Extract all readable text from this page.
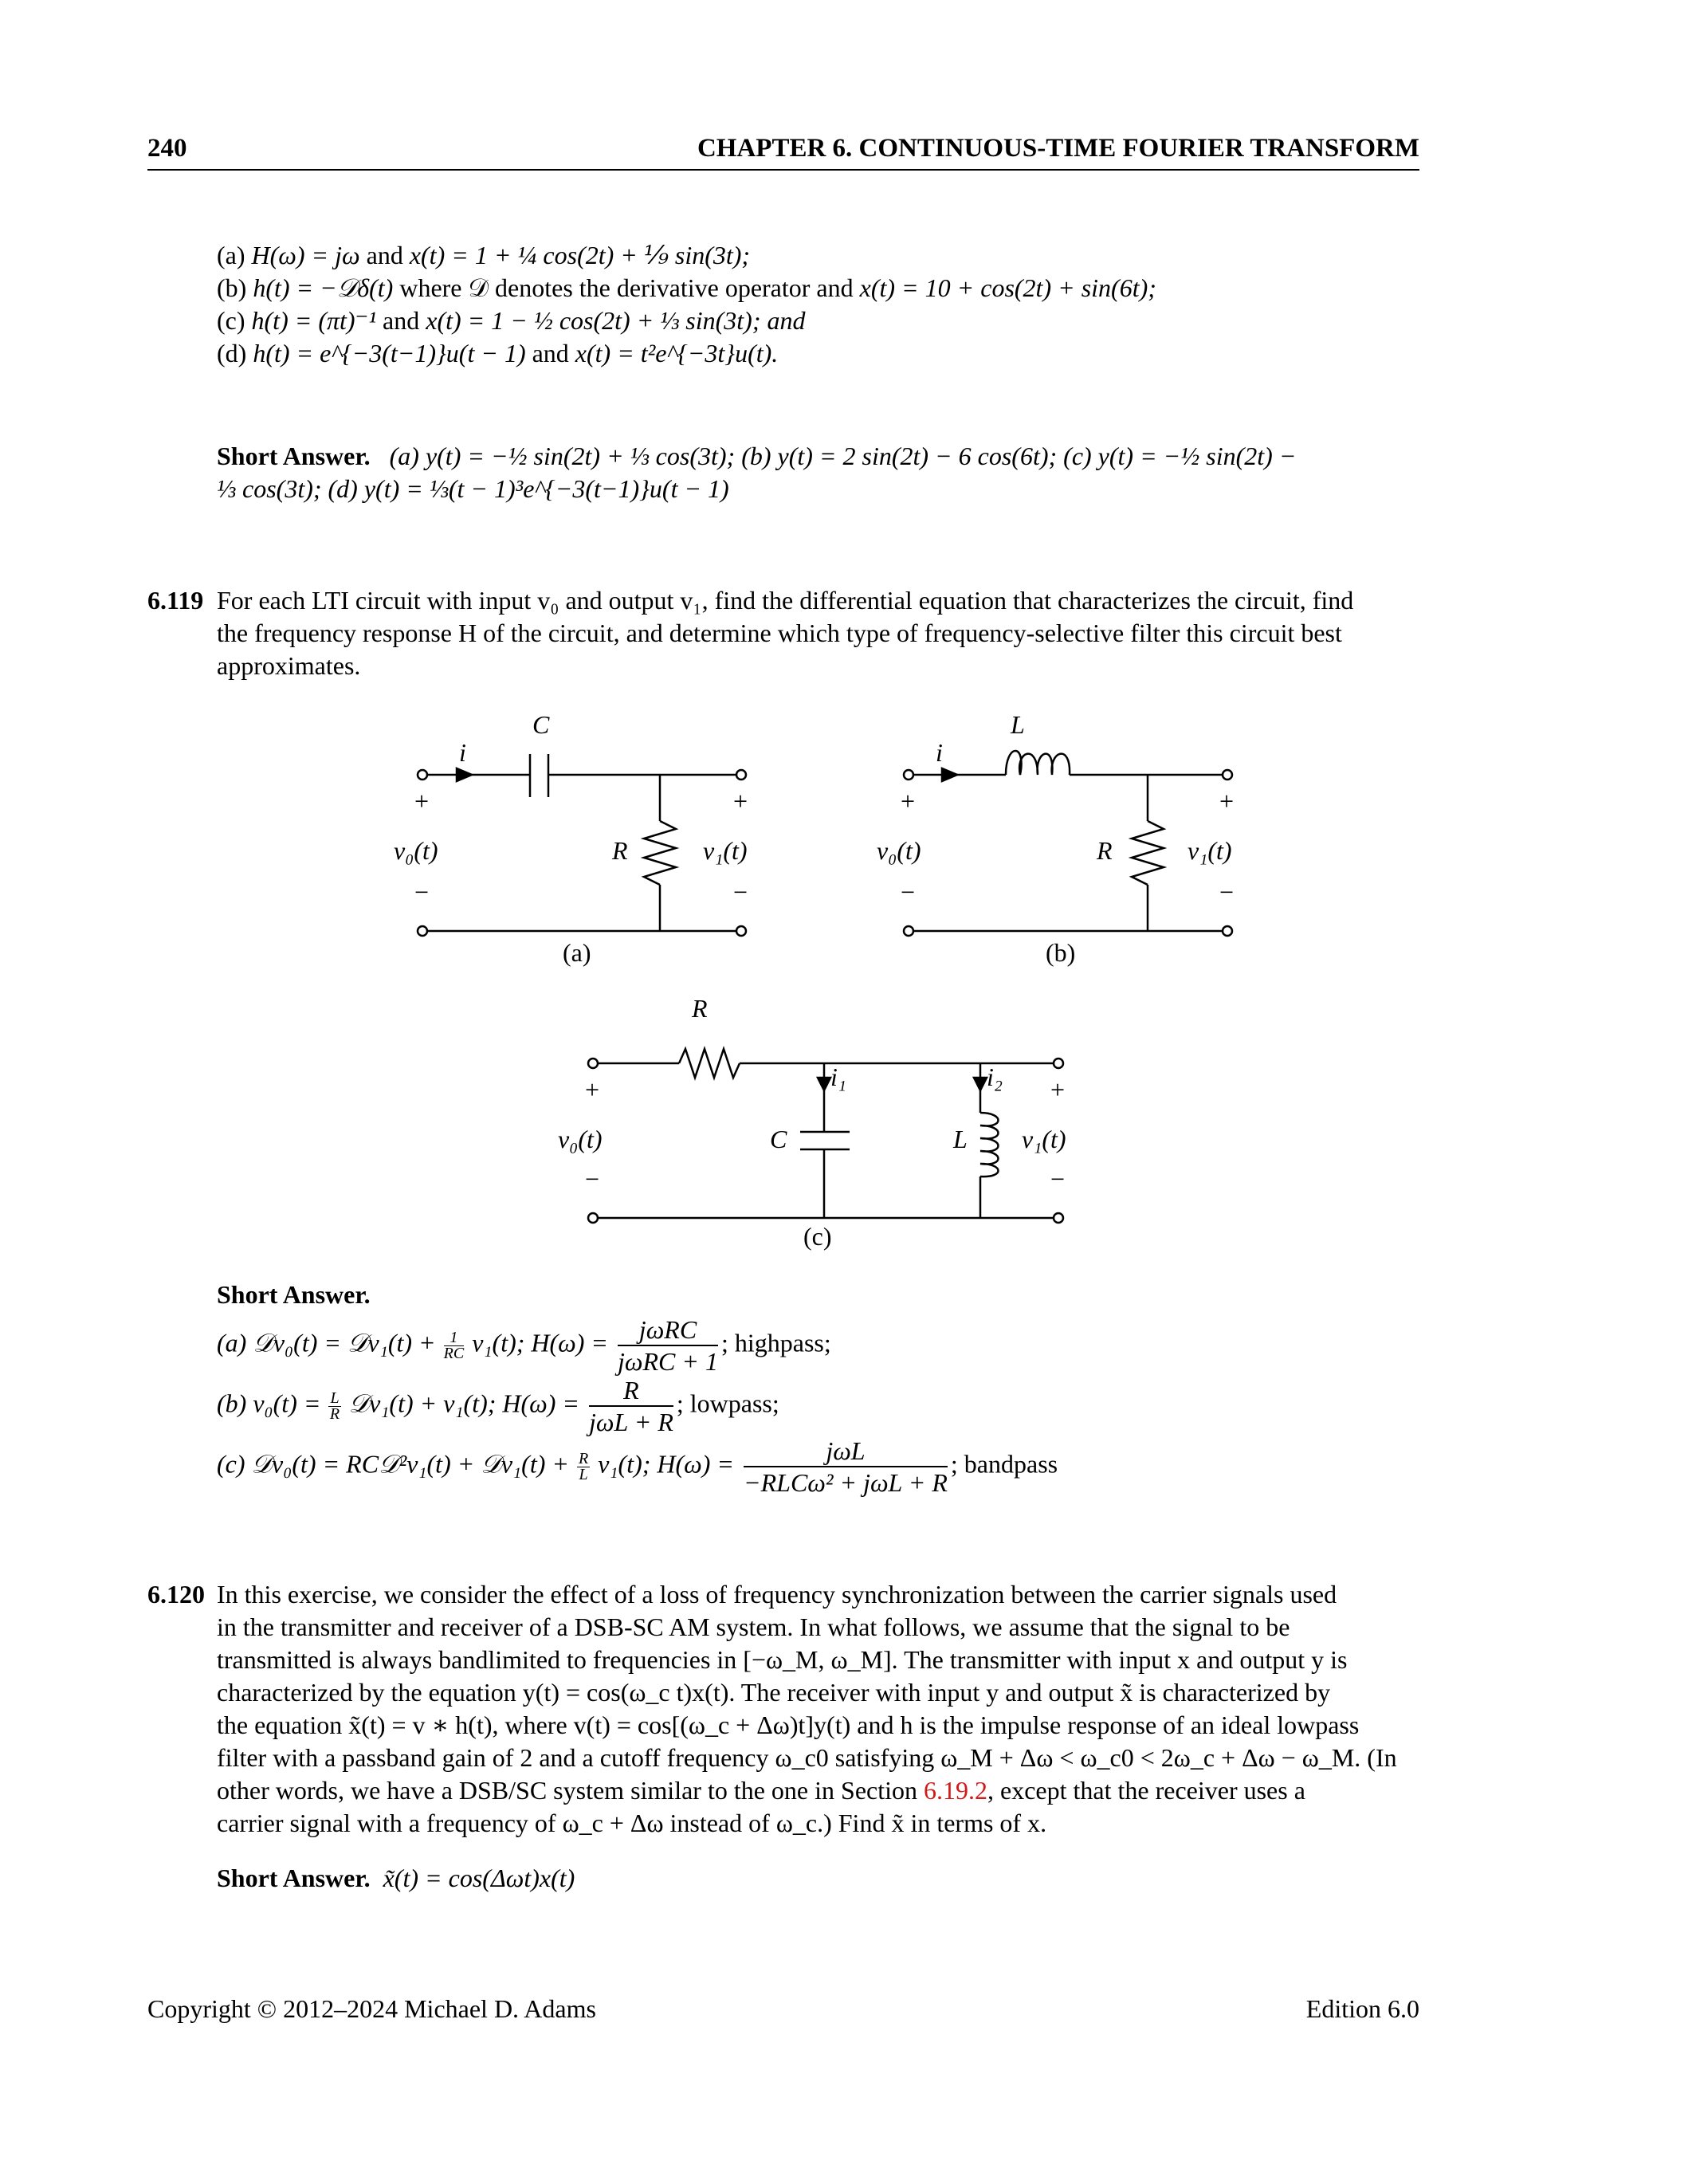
240	CHAPTER 6. CONTINUOUS-TIME FOURIER TRANSFORM
(a) H(ω) = jω and x(t) = 1 + ¼ cos(2t) + ⅑ sin(3t);
(b) h(t) = −𝒟δ(t) where 𝒟 denotes the derivative operator and x(t) = 10 + cos(2t) + sin(6t);
(c) h(t) = (πt)⁻¹ and x(t) = 1 − ½ cos(2t) + ⅓ sin(3t); and
(d) h(t) = e^{−3(t−1)}u(t − 1) and x(t) = t²e^{−3t}u(t).
Short Answer. (a) y(t) = −½ sin(2t) + ⅓ cos(3t); (b) y(t) = 2 sin(2t) − 6 cos(6t); (c) y(t) = −½ sin(2t) −
⅓ cos(3t); (d) y(t) = ⅓(t − 1)³e^{−3(t−1)}u(t − 1)
6.119 For each LTI circuit with input v₀ and output v₁, find the differential equation that characterizes the circuit, find
the frequency response H of the circuit, and determine which type of frequency-selective filter this circuit best
approximates.
C
i
+	+
v₀(t)	R	v₁(t)
−	−
(a)
L
i
+	+
v₀(t)	R	v₁(t)
−	−
(b)
R
i₁	i₂
+	+
v₀(t)	C	L v₁(t)
−	−
(c)
Short Answer.
(a) 𝒟v₀(t) = 𝒟v₁(t) + $\frac{1}{RC} v_1(t)$; H(ω) =	jωRC
jωRC + 1
; highpass;
(b) $v_0(t) = \frac{L}{R}$ 𝒟v₁(t) + v₁(t); H(ω) =	R
jωL + R
; lowpass;
(c) 𝒟v₀(t) = RC𝒟²v₁(t) + 𝒟v₁(t) + $\frac{R}{L} v_1(t)$; H(ω) =	jωL
−RLCω² + jωL + R
; bandpass
6.120 In this exercise, we consider the effect of a loss of frequency synchronization between the carrier signals used
in the transmitter and receiver of a DSB-SC AM system. In what follows, we assume that the signal to be
transmitted is always bandlimited to frequencies in [−ω_M, ω_M]. The transmitter with input x and output y is
characterized by the equation y(t) = cos(ω_c t)x(t). The receiver with input y and output x̃ is characterized by
the equation x̃(t) = v ∗ h(t), where v(t) = cos[(ω_c + Δω)t]y(t) and h is the impulse response of an ideal lowpass
filter with a passband gain of 2 and a cutoff frequency ω_c0 satisfying ω_M + Δω < ω_c0 < 2ω_c + Δω − ω_M. (In
other words, we have a DSB/SC system similar to the one in Section 6.19.2, except that the receiver uses a
carrier signal with a frequency of ω_c + Δω instead of ω_c.) Find x̃ in terms of x.
Short Answer. x̃(t) = cos(Δωt)x(t)
Copyright © 2012–2024 Michael D. Adams	Edition 6.0
